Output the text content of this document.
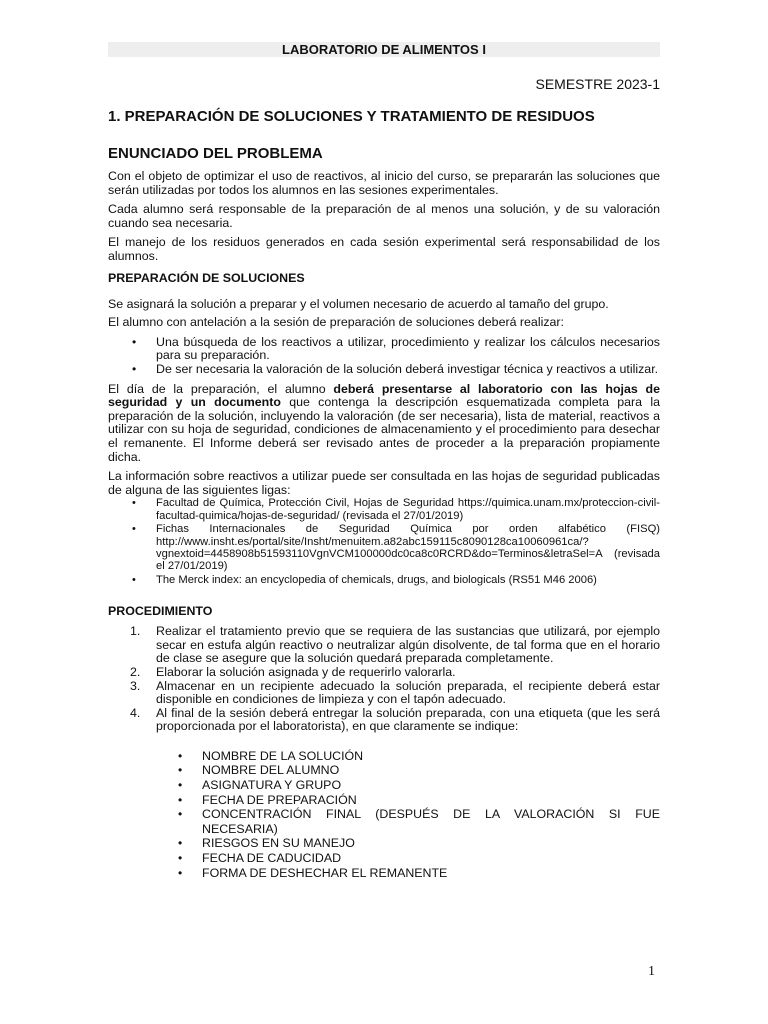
LABORATORIO DE ALIMENTOS I
SEMESTRE 2023-1
1. PREPARACIÓN DE SOLUCIONES Y TRATAMIENTO DE RESIDUOS
ENUNCIADO DEL PROBLEMA

Con el objeto de optimizar el uso de reactivos, al inicio del curso, se prepararán las soluciones que serán utilizadas por todos los alumnos en las sesiones experimentales.

Cada alumno será responsable de la preparación de al menos una solución, y de su valoración cuando sea necesaria.

El manejo de los residuos generados en cada sesión experimental será responsabilidad de los alumnos.

PREPARACIÓN DE SOLUCIONES

Se asignará la solución a preparar y el volumen necesario de acuerdo al tamaño del grupo.

El alumno con antelación a la sesión de preparación de soluciones deberá realizar:

• Una búsqueda de los reactivos a utilizar, procedimiento y realizar los cálculos necesarios para su preparación.
• De ser necesaria la valoración de la solución deberá investigar técnica y reactivos a utilizar.

El día de la preparación, el alumno deberá presentarse al laboratorio con las hojas de seguridad y un documento que contenga la descripción esquematizada completa para la preparación de la solución, incluyendo la valoración (de ser necesaria), lista de material, reactivos a utilizar con su hoja de seguridad, condiciones de almacenamiento y el procedimiento para desechar el remanente. El Informe deberá ser revisado antes de proceder a la preparación propiamente dicha.

La información sobre reactivos a utilizar puede ser consultada en las hojas de seguridad publicadas de alguna de las siguientes ligas:

• Facultad de Química, Protección Civil, Hojas de Seguridad https://quimica.unam.mx/proteccion-civil-facultad-quimica/hojas-de-seguridad/ (revisada el 27/01/2019)
• Fichas Internacionales de Seguridad Química por orden alfabético (FISQ) http://www.insht.es/portal/site/Insht/menuitem.a82abc159115c8090128ca10060961ca/?vgnextoid=4458908b51593110VgnVCM100000dc0ca8c0RCRD&do=Terminos&letraSel=A (revisada el 27/01/2019)
• The Merck index: an encyclopedia of chemicals, drugs, and biologicals (RS51 M46 2006)
PROCEDIMIENTO
1. Realizar el tratamiento previo que se requiera de las sustancias que utilizará, por ejemplo secar en estufa algún reactivo o neutralizar algún disolvente, de tal forma que en el horario de clase se asegure que la solución quedará preparada completamente.
2. Elaborar la solución asignada y de requerirlo valorarla.
3. Almacenar en un recipiente adecuado la solución preparada, el recipiente deberá estar disponible en condiciones de limpieza y con el tapón adecuado.
4. Al final de la sesión deberá entregar la solución preparada, con una etiqueta (que les será proporcionada por el laboratorista), en que claramente se indique:
• NOMBRE DE LA SOLUCIÓN
• NOMBRE DEL ALUMNO
• ASIGNATURA Y GRUPO
• FECHA DE PREPARACIÓN
• CONCENTRACIÓN FINAL (DESPUÉS DE LA VALORACIÓN SI FUE NECESARIA)
• RIESGOS EN SU MANEJO
• FECHA DE CADUCIDAD
• FORMA DE DESHECHAR EL REMANENTE
1
